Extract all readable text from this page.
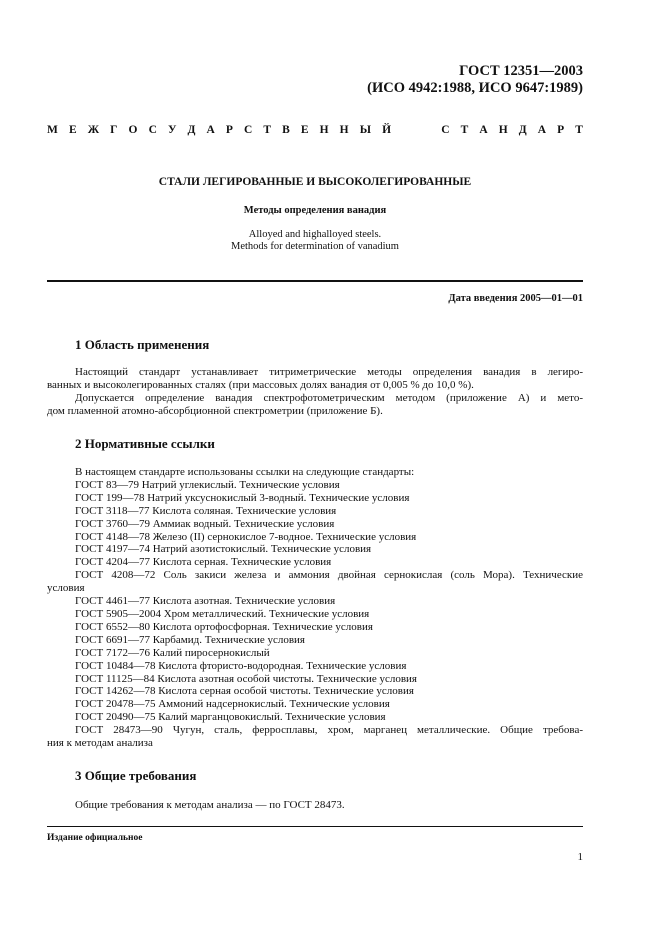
ГОСТ 12351—2003
(ИСО 4942:1988, ИСО 9647:1989)
М Е Ж Г О С У Д А Р С Т В Е Н Н Ы Й	С Т А Н Д А Р Т
СТАЛИ ЛЕГИРОВАННЫЕ И ВЫСОКОЛЕГИРОВАННЫЕ
Методы определения ванадия
Alloyed and highalloyed steels.
Methods for determination of vanadium
Дата введения 2005—01—01
1 Область применения

Настоящий стандарт устанавливает титриметрические методы определения ванадия в легиро-

ванных и высоколегированных сталях (при массовых долях ванадия от 0,005 % до 10,0 %).

Допускается определение ванадия спектрофотометрическим методом (приложение А) и мето-

дом пламенной атомно-абсорбционной спектрометрии (приложение Б).

2 Нормативные ссылки

В настоящем стандарте использованы ссылки на следующие стандарты:

ГОСТ 83—79 Натрий углекислый. Технические условия
ГОСТ 199—78 Натрий уксуснокислый 3-водный. Технические условия
ГОСТ 3118—77 Кислота соляная. Технические условия
ГОСТ 3760—79 Аммиак водный. Технические условия
ГОСТ 4148—78 Железо (II) сернокислое 7-водное. Технические условия
ГОСТ 4197—74 Натрий азотистокислый. Технические условия
ГОСТ 4204—77 Кислота серная. Технические условия
ГОСТ 4208—72 Соль закиси железа и аммония двойная сернокислая (соль Мора). Технические
условия
ГОСТ 4461—77 Кислота азотная. Технические условия
ГОСТ 5905—2004 Хром металлический. Технические условия
ГОСТ 6552—80 Кислота ортофосфорная. Технические условия
ГОСТ 6691—77 Карбамид. Технические условия
ГОСТ 7172—76 Калий пиросернокислый
ГОСТ 10484—78 Кислота фтористо-водородная. Технические условия
ГОСТ 11125—84 Кислота азотная особой чистоты. Технические условия
ГОСТ 14262—78 Кислота серная особой чистоты. Технические условия
ГОСТ 20478—75 Аммоний надсернокислый. Технические условия
ГОСТ 20490—75 Калий марганцовокислый. Технические условия
ГОСТ 28473—90 Чугун, сталь, ферросплавы, хром, марганец металлические. Общие требова-
ния к методам анализа
3 Общие требования

Общие требования к методам анализа — по ГОСТ 28473.

Издание официальное
1
